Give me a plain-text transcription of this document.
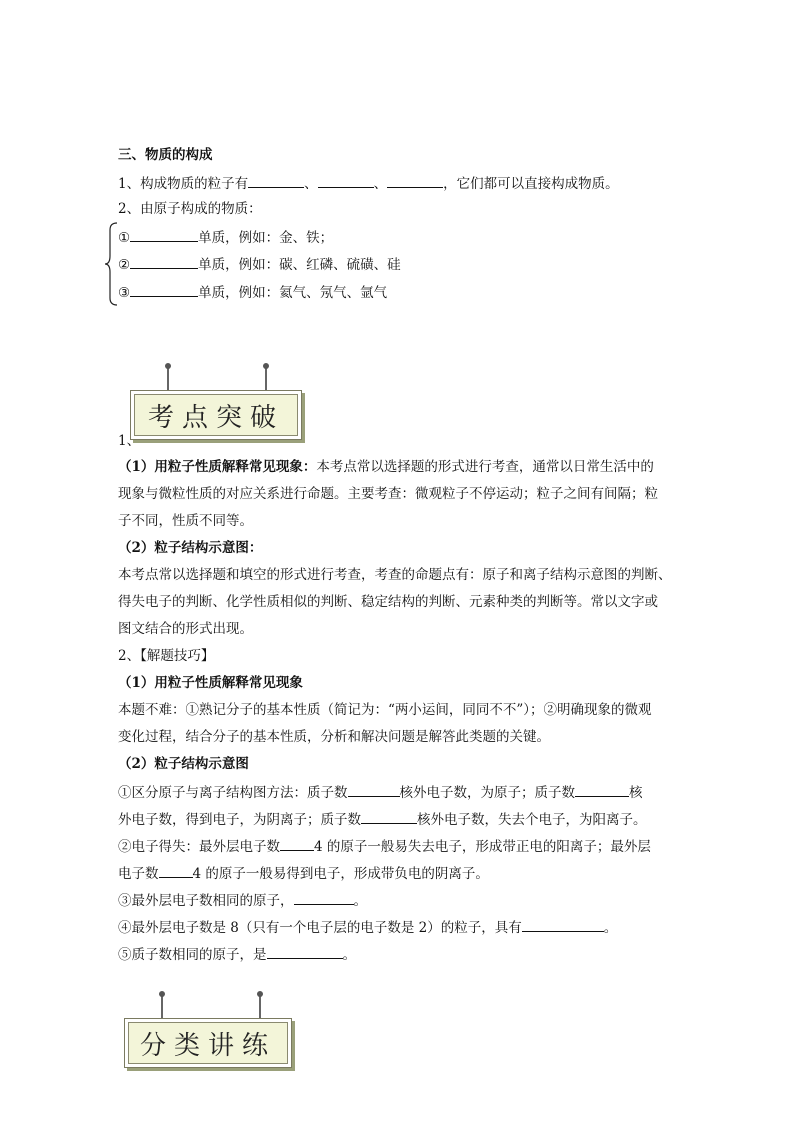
三、物质的构成
1、构成物质的粒子有	、	、	，它们都可以直接构成物质。
2、由原子构成的物质：
①	单质，例如：金、铁；
②	单质，例如：碳、红磷、硫磺、硅
③	单质，例如：氦气、氖气、氩气
考点突破
1、
（1）用粒子性质解释常见现象：本考点常以选择题的形式进行考查，通常以日常生活中的
现象与微粒性质的对应关系进行命题。主要考查：微观粒子不停运动；粒子之间有间隔；粒
子不同，性质不同等。
（2）粒子结构示意图：
本考点常以选择题和填空的形式进行考查，考查的命题点有：原子和离子结构示意图的判断、
得失电子的判断、化学性质相似的判断、稳定结构的判断、元素种类的判断等。常以文字或
图文结合的形式出现。
2、【解题技巧】
（1）用粒子性质解释常见现象
本题不难：①熟记分子的基本性质（简记为：“两小运间，同同不不”）；②明确现象的微观
变化过程，结合分子的基本性质，分析和解决问题是解答此类题的关键。
（2）粒子结构示意图
①区分原子与离子结构图方法：质子数	核外电子数，为原子；质子数	核
外电子数，得到电子，为阴离子；质子数	核外电子数，失去个电子，为阳离子。
②电子得失：最外层电子数	4 的原子一般易失去电子，形成带正电的阳离子；最外层
电子数	4 的原子一般易得到电子，形成带负电的阴离子。
③最外层电子数相同的原子，	。
④最外层电子数是 8（只有一个电子层的电子数是 2）的粒子，具有	。
⑤质子数相同的原子，是	。
分类讲练
